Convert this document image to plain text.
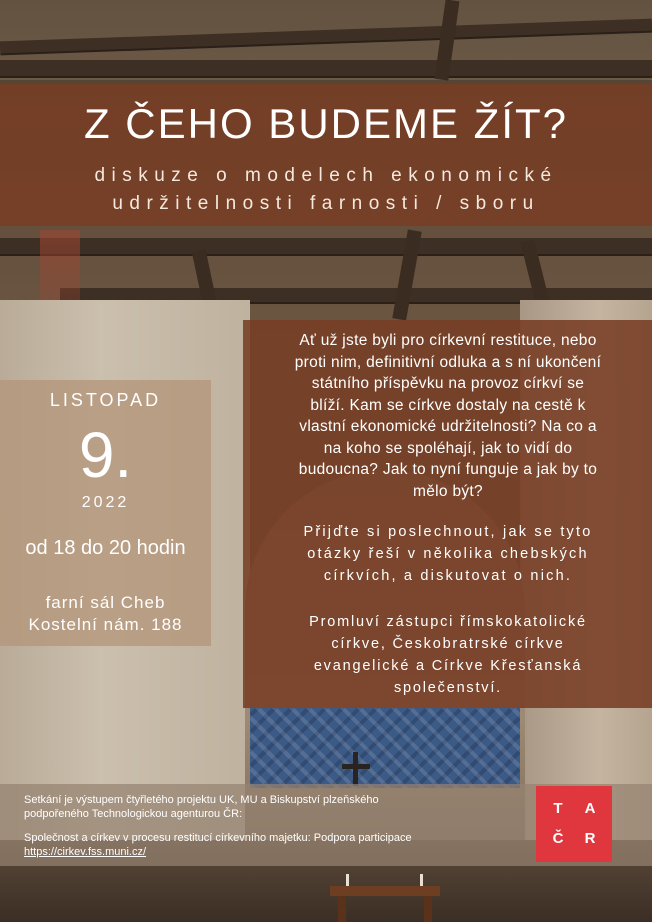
Z ČEHO BUDEME ŽÍT?
diskuze o modelech ekonomické
udržitelnosti farnosti / sboru
LISTOPAD
9.
2022
od 18 do 20 hodin
farní sál Cheb
Kostelní nám. 188
Ať už jste byli pro církevní restituce, nebo
proti nim, definitivní odluka a s ní ukončení
státního příspěvku na provoz církví se
blíží. Kam se církve dostaly na cestě k
vlastní ekonomické udržitelnosti? Na co a
na koho se spoléhají, jak to vidí do
budoucna? Jak to nyní funguje a jak by to
mělo být?
Přijďte si poslechnout, jak se tyto
otázky řeší v několika chebských
církvích, a diskutovat o nich.
Promluví zástupci římskokatolické
církve, Českobratrské církve
evangelické a Církve Křesťanská
společenství.

Setkání je výstupem čtyřletého projektu UK, MU a Biskupství plzeňského

podpořeného Technologickou agenturou ČR:

Společnost a církev v procesu restitucí církevního majetku: Podpora participace

https://cirkev.fss.muni.cz/

T	A
Č	R
